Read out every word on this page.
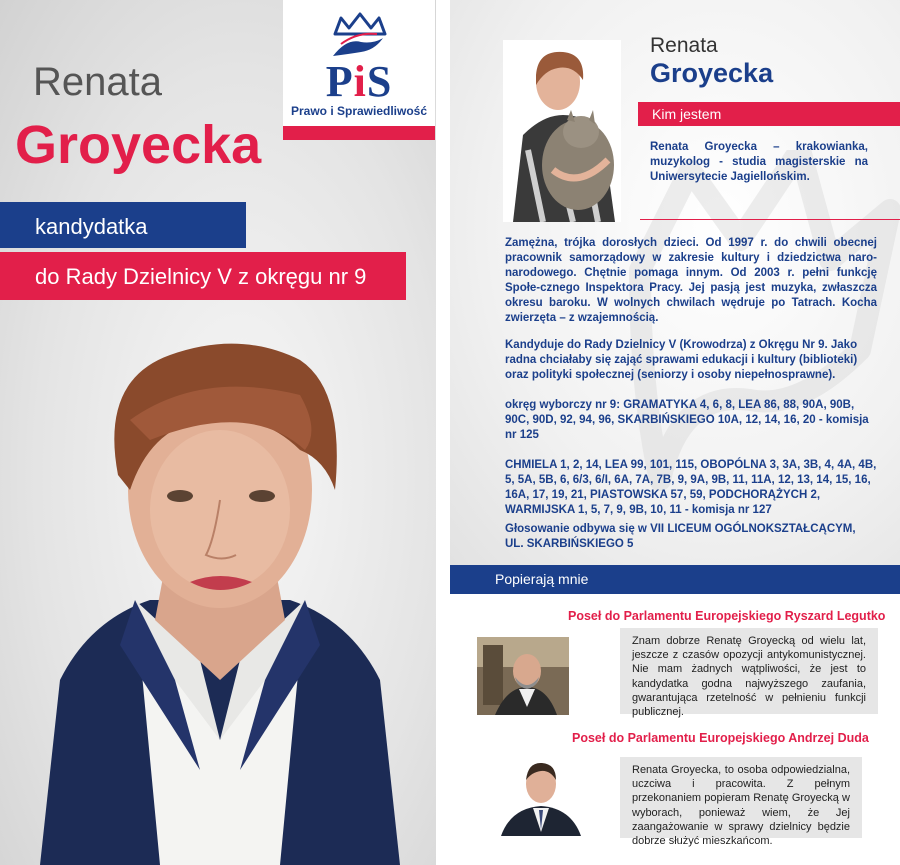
PiS
Prawo i Sprawiedliwość
Renata
Groyecka
kandydatka
do Rady Dzielnicy V z okręgu nr 9
Renata
Groyecka
Kim jestem
Renata Groyecka – krakowianka, muzykolog - studia magisterskie na Uniwersytecie Jagiellońskim.
Zamężna, trójka dorosłych dzieci. Od 1997 r. do chwili obecnej pracownik samorządowy w zakresie kultury i dziedzictwa naro-narodowego. Chętnie pomaga innym. Od 2003 r. pełni funkcję Społe-cznego Inspektora Pracy. Jej pasją jest muzyka, zwłaszcza okresu baroku. W wolnych chwilach wędruje po Tatrach. Kocha zwierzęta – z wzajemnością.
Kandyduje do Rady Dzielnicy V (Krowodrza) z Okręgu Nr 9. Jako radna chciałaby się zająć sprawami edukacji i kultury (biblioteki) oraz polityki społecznej (seniorzy i osoby niepełnosprawne).
okręg wyborczy nr 9: GRAMATYKA 4, 6, 8, LEA 86, 88, 90A, 90B, 90C, 90D, 92, 94, 96, SKARBIŃSKIEGO 10A, 12, 14, 16, 20 - komisja nr 125
CHMIELA 1, 2, 14, LEA 99, 101, 115, OBOPÓLNA 3, 3A, 3B, 4, 4A, 4B, 5, 5A, 5B, 6, 6/3, 6/I, 6A, 7A, 7B, 9, 9A, 9B, 11, 11A, 12, 13, 14, 15, 16, 16A, 17, 19, 21, PIASTOWSKA 57, 59, PODCHORĄŻYCH 2, WARMIJSKA 1, 5, 7, 9, 9B, 10, 11 - komisja nr 127
Głosowanie odbywa się w VII LICEUM OGÓLNOKSZTAŁCĄCYM, UL. SKARBIŃSKIEGO 5
Popierają mnie
Poseł do Parlamentu Europejskiego Ryszard Legutko
Znam dobrze Renatę Groyecką od wielu lat, jeszcze z czasów opozycji antykomunistycznej. Nie mam żadnych wątpliwości, że jest to kandydatka godna najwyższego zaufania, gwarantująca rzetelność w pełnieniu funkcji publicznej.
Poseł do Parlamentu Europejskiego Andrzej Duda
Renata Groyecka, to osoba odpowiedzialna, uczciwa i pracowita. Z pełnym przekonaniem popieram Renatę Groyecką w wyborach, ponieważ wiem, że Jej zaangażowanie w sprawy dzielnicy będzie dobrze służyć mieszkańcom.
